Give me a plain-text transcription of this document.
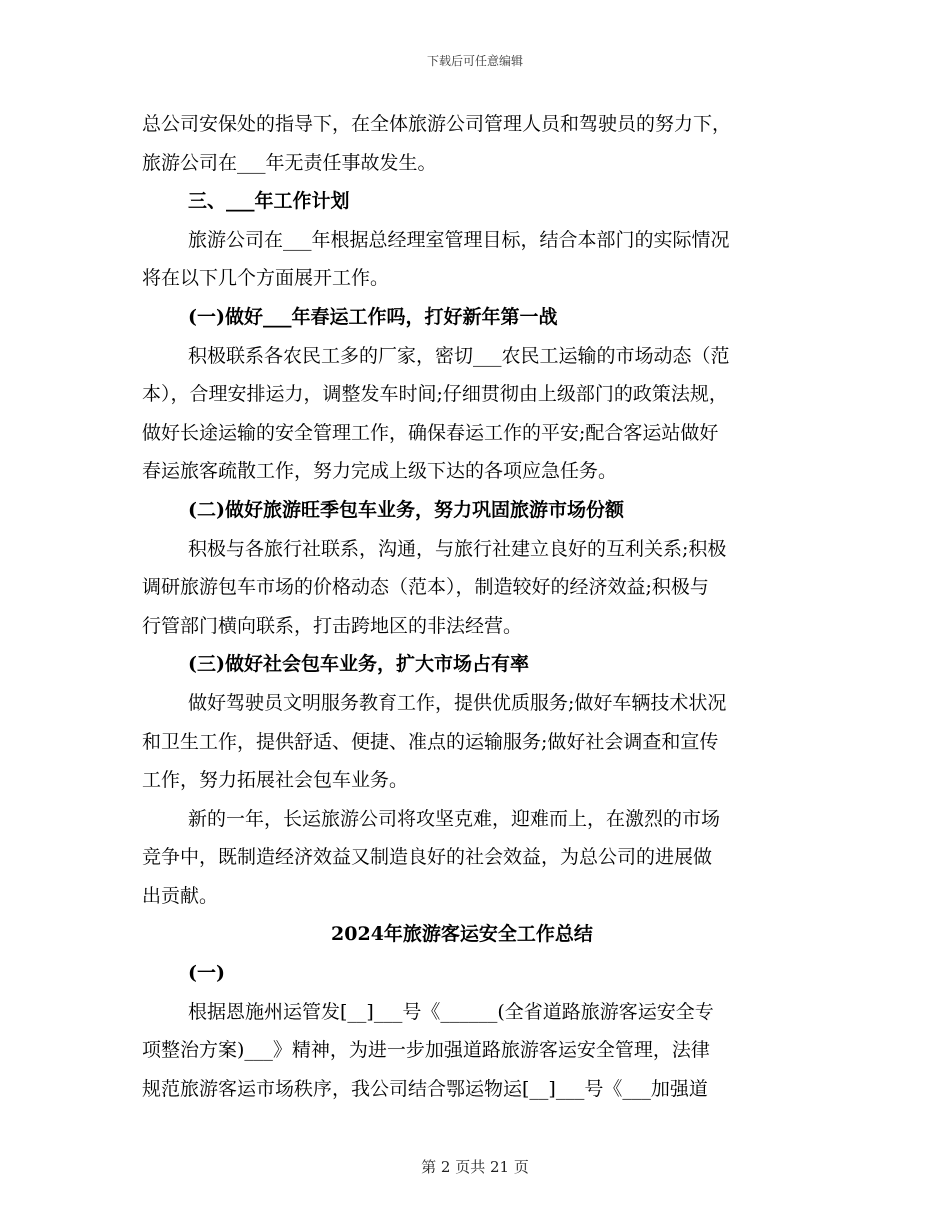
下载后可任意编辑
总公司安保处的指导下，在全体旅游公司管理人员和驾驶员的努力下，
旅游公司在___年无责任事故发生。
三、___年工作计划
旅游公司在___年根据总经理室管理目标，结合本部门的实际情况
将在以下几个方面展开工作。
(一)做好___年春运工作吗，打好新年第一战
积极联系各农民工多的厂家，密切___农民工运输的市场动态（范
本），合理安排运力，调整发车时间;仔细贯彻由上级部门的政策法规，
做好长途运输的安全管理工作，确保春运工作的平安;配合客运站做好
春运旅客疏散工作，努力完成上级下达的各项应急任务。
(二)做好旅游旺季包车业务，努力巩固旅游市场份额
积极与各旅行社联系，沟通，与旅行社建立良好的互利关系;积极
调研旅游包车市场的价格动态（范本），制造较好的经济效益;积极与
行管部门横向联系，打击跨地区的非法经营。
(三)做好社会包车业务，扩大市场占有率
做好驾驶员文明服务教育工作，提供优质服务;做好车辆技术状况
和卫生工作，提供舒适、便捷、准点的运输服务;做好社会调查和宣传
工作，努力拓展社会包车业务。
新的一年，长运旅游公司将攻坚克难，迎难而上，在激烈的市场
竞争中，既制造经济效益又制造良好的社会效益，为总公司的进展做
出贡献。
2024年旅游客运安全工作总结
(一)
根据恩施州运管发[__]___号《______(全省道路旅游客运安全专
项整治方案)___》精神，为进一步加强道路旅游客运安全管理，法律
规范旅游客运市场秩序，我公司结合鄂运物运[__]___号《___加强道
第 2 页共 21 页
